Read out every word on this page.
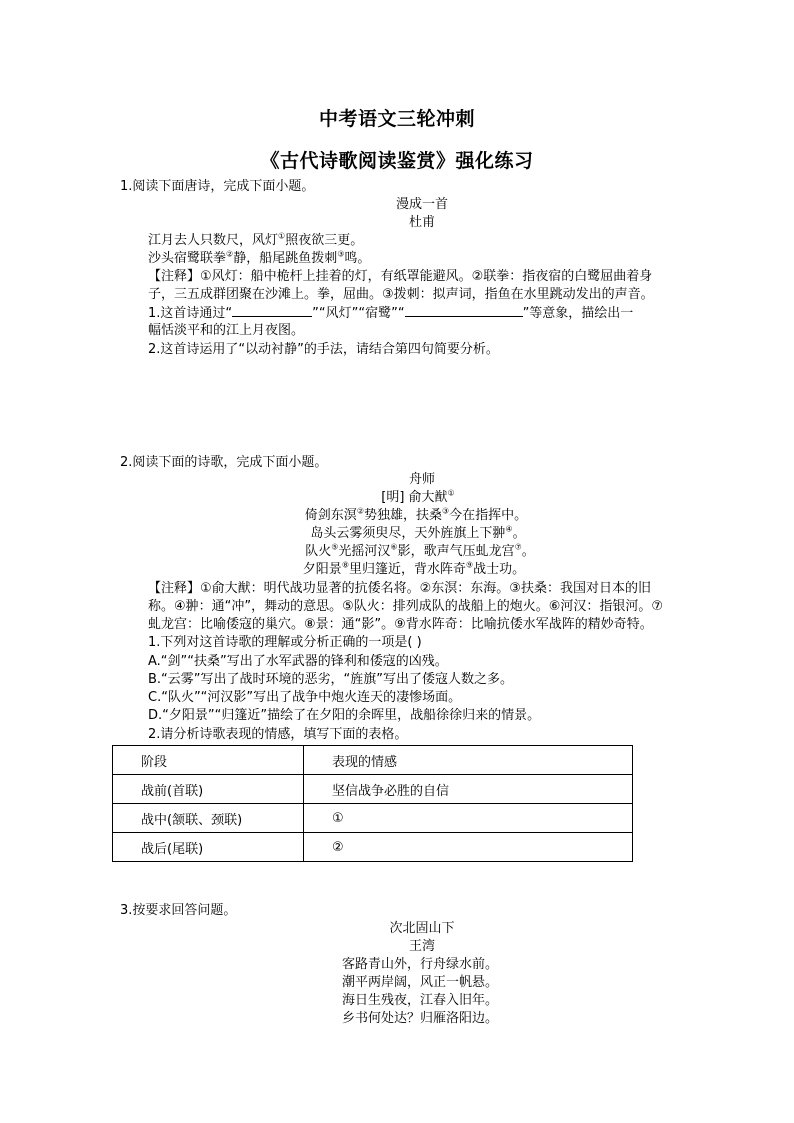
中考语文三轮冲刺
《古代诗歌阅读鉴赏》强化练习
1.阅读下面唐诗，完成下面小题。
漫成一首
杜甫
江月去人只数尺，风灯①照夜欲三更。
沙头宿鹭联拳②静，船尾跳鱼拨刺③鸣。
【注释】①风灯：船中桅杆上挂着的灯，有纸罩能避风。②联拳：指夜宿的白鹭屈曲着身
子，三五成群团聚在沙滩上。拳，屈曲。③拨刺：拟声词，指鱼在水里跳动发出的声音。
1.这首诗通过“	”“风灯”“宿鹭”“	”等意象，描绘出一
幅恬淡平和的江上月夜图。
2.这首诗运用了“以动衬静”的手法，请结合第四句简要分析。
2.阅读下面的诗歌，完成下面小题。
舟师
[明] 俞大猷①
倚剑东溟②势独雄，扶桑③今在指挥中。
岛头云雾须臾尽，天外旌旗上下翀④。
队火⑤光摇河汉⑥影，歌声气压虬龙宫⑦。
夕阳景⑧里归篷近，背水阵奇⑨战士功。
【注释】①俞大猷：明代战功显著的抗倭名将。②东溟：东海。③扶桑：我国对日本的旧
称。④翀：通“冲”，舞动的意思。⑤队火：排列成队的战船上的炮火。⑥河汉：指银河。⑦
虬龙宫：比喻倭寇的巢穴。⑧景：通“影”。⑨背水阵奇：比喻抗倭水军战阵的精妙奇特。
1.下列对这首诗歌的理解或分析正确的一项是( )
A.“剑”“扶桑”写出了水军武器的锋利和倭寇的凶残。
B.“云雾”写出了战时环境的恶劣，“旌旗”写出了倭寇人数之多。
C.“队火”“河汉影”写出了战争中炮火连天的凄惨场面。
D.“夕阳景”“归篷近”描绘了在夕阳的余晖里，战船徐徐归来的情景。
2.请分析诗歌表现的情感，填写下面的表格。
阶段	表现的情感
战前(首联)	坚信战争必胜的自信
战中(颔联、颈联)	①
战后(尾联)	②
3.按要求回答问题。
次北固山下
王湾
客路青山外，行舟绿水前。
潮平两岸阔，风正一帆悬。
海日生残夜，江春入旧年。
乡书何处达？归雁洛阳边。
